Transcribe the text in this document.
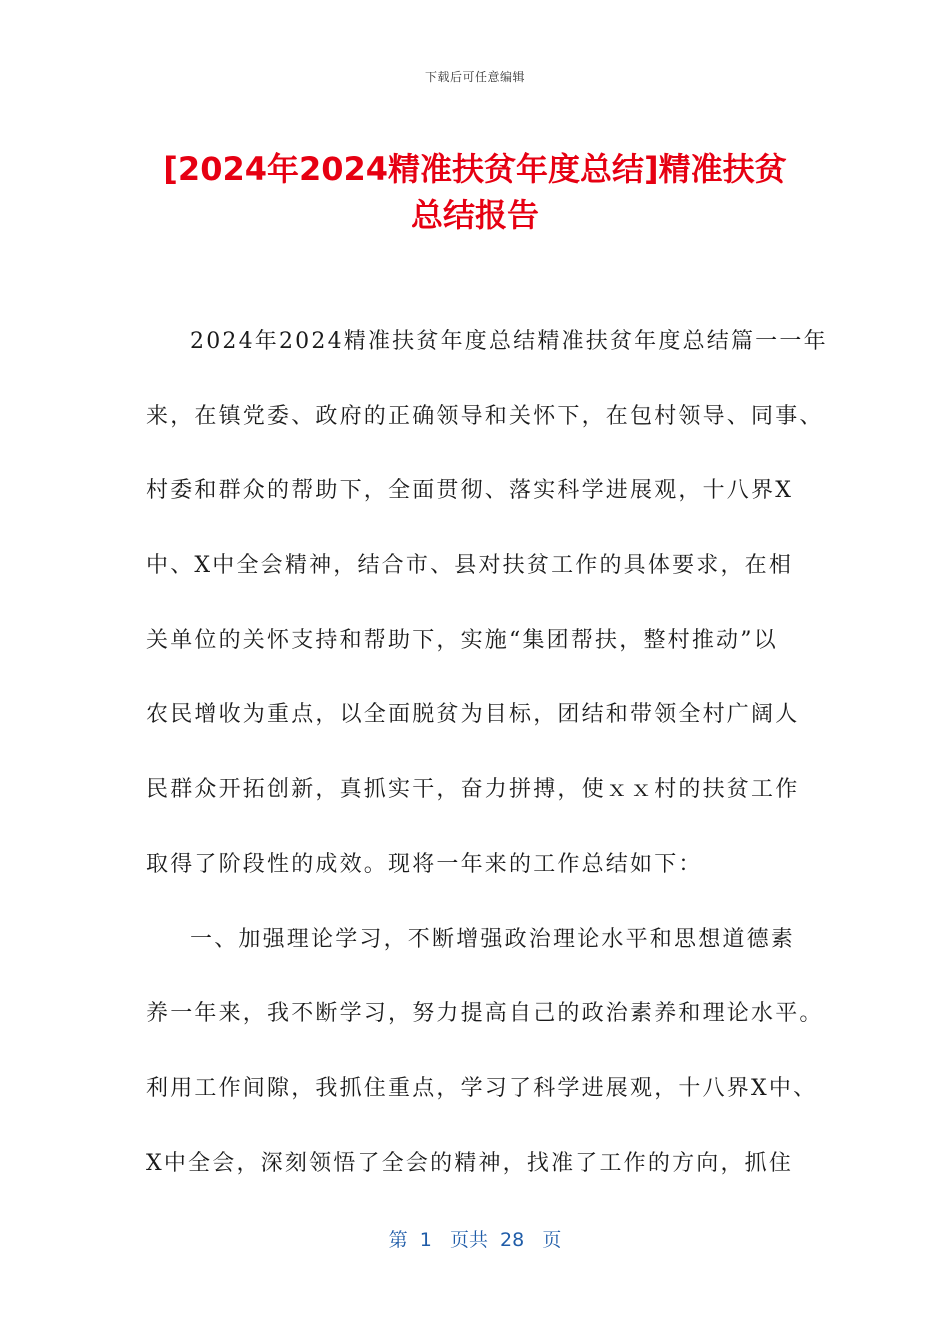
下载后可任意编辑
[2024年2024精准扶贫年度总结]精准扶贫
总结报告
2024年2024精准扶贫年度总结精准扶贫年度总结篇一一年
来，在镇党委、政府的正确领导和关怀下，在包村领导、同事、
村委和群众的帮助下，全面贯彻、落实科学进展观，十八界X
中、X中全会精神，结合市、县对扶贫工作的具体要求，在相
关单位的关怀支持和帮助下，实施“集团帮扶，整村推动”以
农民增收为重点，以全面脱贫为目标，团结和带领全村广阔人
民群众开拓创新，真抓实干，奋力拼搏，使ｘｘ村的扶贫工作
取得了阶段性的成效。现将一年来的工作总结如下：
一、加强理论学习，不断增强政治理论水平和思想道德素
养一年来，我不断学习，努力提高自己的政治素养和理论水平。
利用工作间隙，我抓住重点，学习了科学进展观，十八界X中、
X中全会，深刻领悟了全会的精神，找准了工作的方向，抓住
第  1   页共  28   页
